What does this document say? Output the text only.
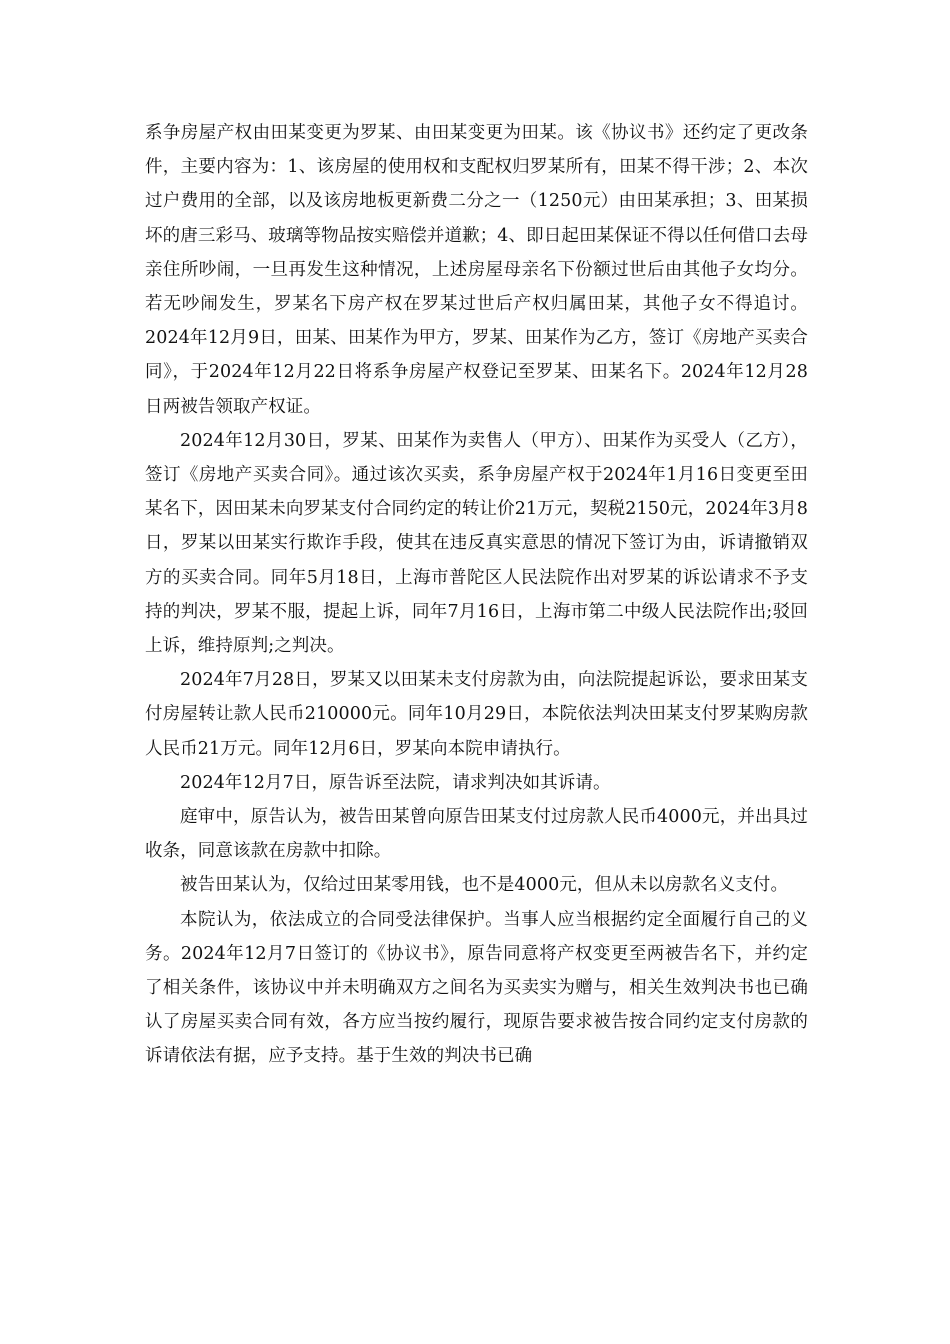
系争房屋产权由田某变更为罗某、由田某变更为田某。该《协议书》还约定了更改条件，主要内容为：1、该房屋的使用权和支配权归罗某所有，田某不得干涉；2、本次过户费用的全部，以及该房地板更新费二分之一（1250元）由田某承担；3、田某损坏的唐三彩马、玻璃等物品按实赔偿并道歉；4、即日起田某保证不得以任何借口去母亲住所吵闹，一旦再发生这种情况，上述房屋母亲名下份额过世后由其他子女均分。若无吵闹发生，罗某名下房产权在罗某过世后产权归属田某，其他子女不得追讨。2024年12月9日，田某、田某作为甲方，罗某、田某作为乙方，签订《房地产买卖合同》，于2024年12月22日将系争房屋产权登记至罗某、田某名下。2024年12月28日两被告领取产权证。

2024年12月30日，罗某、田某作为卖售人（甲方）、田某作为买受人（乙方），签订《房地产买卖合同》。通过该次买卖，系争房屋产权于2024年1月16日变更至田某名下，因田某未向罗某支付合同约定的转让价21万元，契税2150元，2024年3月8日，罗某以田某实行欺诈手段，使其在违反真实意思的情况下签订为由，诉请撤销双方的买卖合同。同年5月18日，上海市普陀区人民法院作出对罗某的诉讼请求不予支持的判决，罗某不服，提起上诉，同年7月16日，上海市第二中级人民法院作出;驳回上诉，维持原判;之判决。

2024年7月28日，罗某又以田某未支付房款为由，向法院提起诉讼，要求田某支付房屋转让款人民币210000元。同年10月29日，本院依法判决田某支付罗某购房款人民币21万元。同年12月6日，罗某向本院申请执行。

2024年12月7日，原告诉至法院，请求判决如其诉请。

庭审中，原告认为，被告田某曾向原告田某支付过房款人民币4000元，并出具过收条，同意该款在房款中扣除。

被告田某认为，仅给过田某零用钱，也不是4000元，但从未以房款名义支付。

本院认为，依法成立的合同受法律保护。当事人应当根据约定全面履行自己的义务。2024年12月7日签订的《协议书》，原告同意将产权变更至两被告名下，并约定了相关条件，该协议中并未明确双方之间名为买卖实为赠与，相关生效判决书也已确认了房屋买卖合同有效，各方应当按约履行，现原告要求被告按合同约定支付房款的诉请依法有据，应予支持。基于生效的判决书已确
